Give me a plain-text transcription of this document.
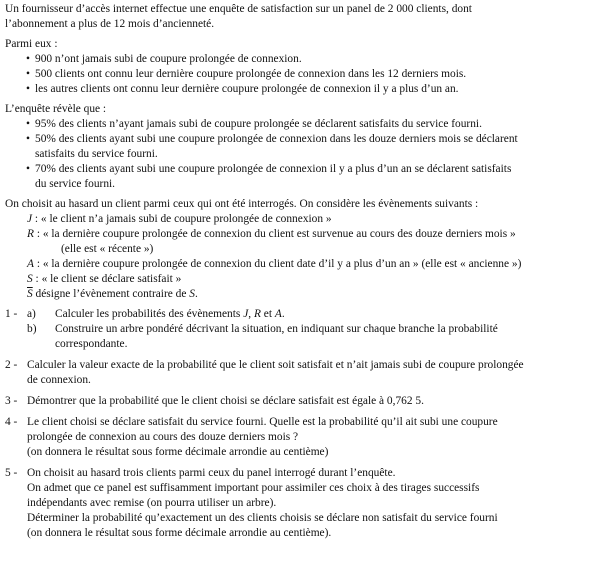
Un fournisseur d’accès internet effectue une enquête de satisfaction sur un panel de 2 000 clients, dont

l’abonnement a plus de 12 mois d’ancienneté.

Parmi eux :

• 900 n’ont jamais subi de coupure prolongée de connexion.
• 500 clients ont connu leur dernière coupure prolongée de connexion dans les 12 derniers mois.
• les autres clients ont connu leur dernière coupure prolongée de connexion il y a plus d’un an.

L’enquête révèle que :

• 95% des clients n’ayant jamais subi de coupure prolongée se déclarent satisfaits du service fourni.
• 50% des clients ayant subi une coupure prolongée de connexion dans les douze derniers mois se déclarent
satisfaits du service fourni.
• 70% des clients ayant subi une coupure prolongée de connexion il y a plus d’un an se déclarent satisfaits
du service fourni.

On choisit au hasard un client parmi ceux qui ont été interrogés. On considère les évènements suivants :

J : « le client n’a jamais subi de coupure prolongée de connexion »

R : « la dernière coupure prolongée de connexion du client est survenue au cours des douze derniers mois »

(elle est « récente »)

A : « la dernière coupure prolongée de connexion du client date d’il y a plus d’un an » (elle est « ancienne »)

S : « le client se déclare satisfait »

$\overline{S}$ désigne l’évènement contraire de S.

1 - a) Calculer les probabilités des évènements J, R et A.
b) Construire un arbre pondéré décrivant la situation, en indiquant sur chaque branche la probabilité
correspondante.
2 - Calculer la valeur exacte de la probabilité que le client soit satisfait et n’ait jamais subi de coupure prolongée
de connexion.
3 - Démontrer que la probabilité que le client choisi se déclare satisfait est égale à 0,762 5.
4 - Le client choisi se déclare satisfait du service fourni. Quelle est la probabilité qu’il ait subi une coupure
prolongée de connexion au cours des douze derniers mois ?
(on donnera le résultat sous forme décimale arrondie au centième)
5 - On choisit au hasard trois clients parmi ceux du panel interrogé durant l’enquête.
On admet que ce panel est suffisamment important pour assimiler ces choix à des tirages successifs
indépendants avec remise (on pourra utiliser un arbre).
Déterminer la probabilité qu’exactement un des clients choisis se déclare non satisfait du service fourni
(on donnera le résultat sous forme décimale arrondie au centième).
